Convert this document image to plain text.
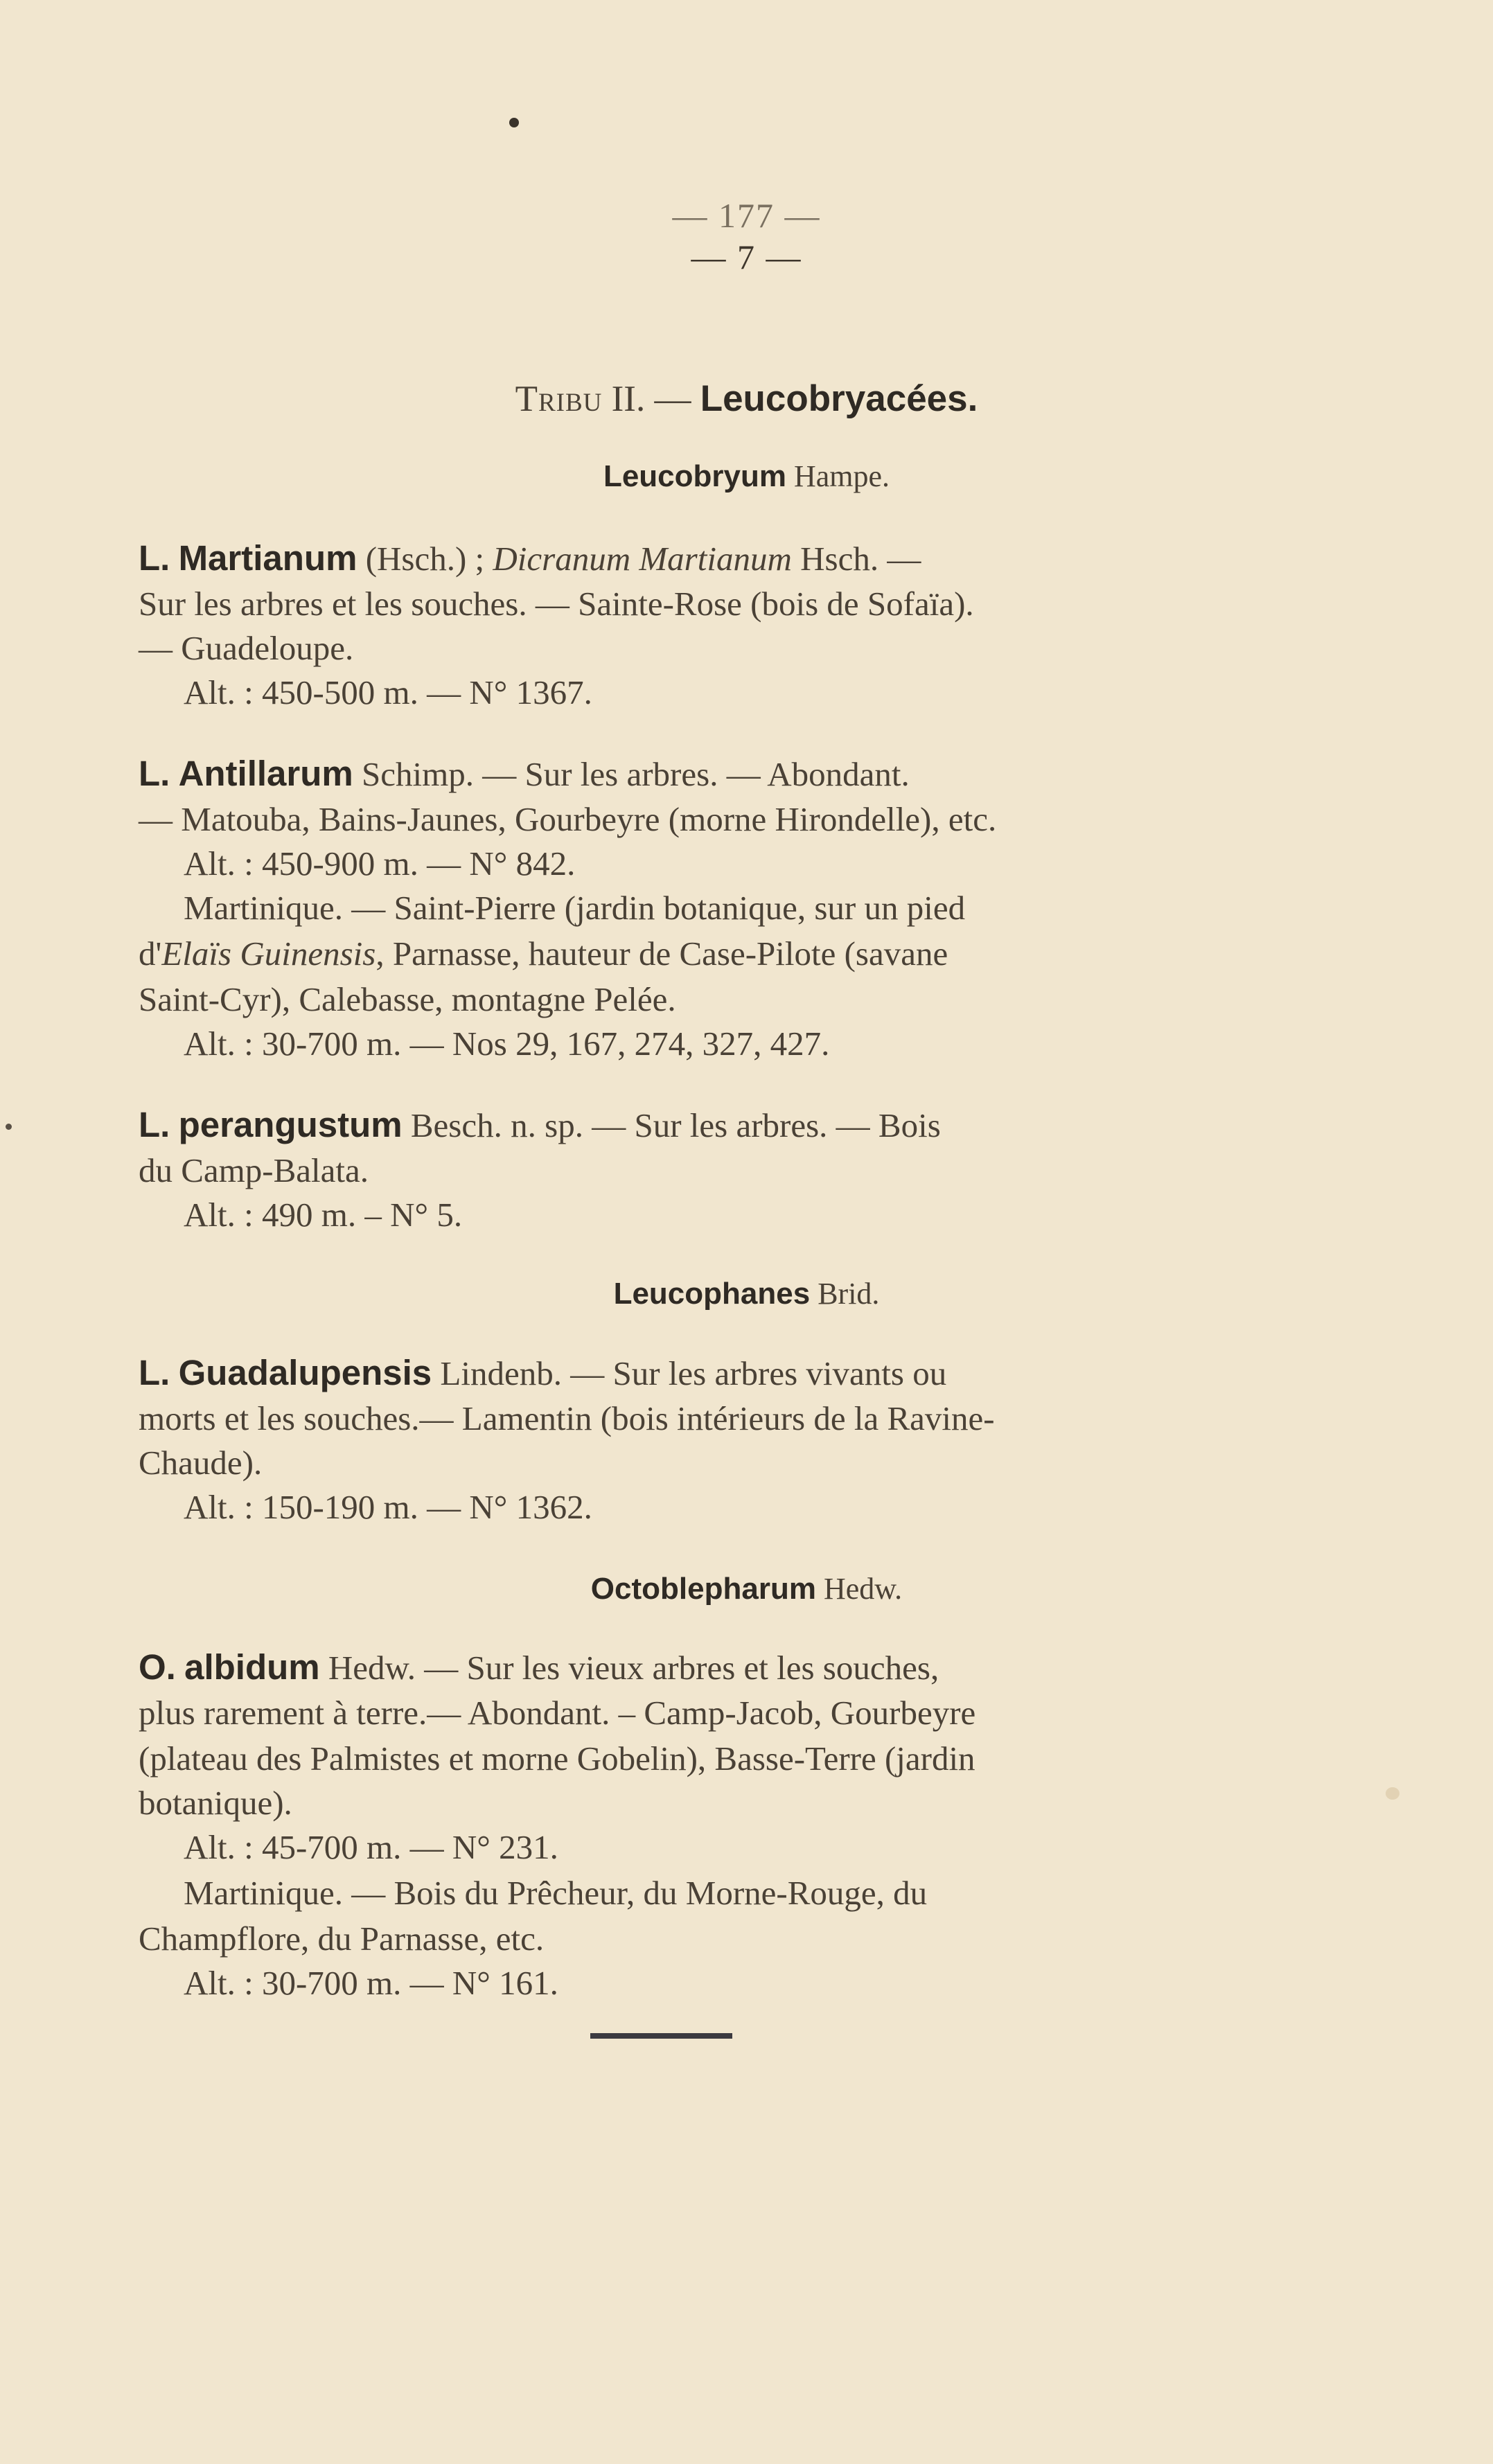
— 177 —
— 7 —
Tribu II. — Leucobryacées.
Leucobryum Hampe.
L. Martianum (Hsch.) ; Dicranum Martianum Hsch. —
Sur les arbres et les souches. — Sainte-Rose (bois de Sofaïa).
— Guadeloupe.
Alt. : 450-500 m. — N° 1367.
L. Antillarum Schimp. — Sur les arbres. — Abondant.
— Matouba, Bains-Jaunes, Gourbeyre (morne Hirondelle), etc.
Alt. : 450-900 m. — N° 842.
Martinique. — Saint-Pierre (jardin botanique, sur un pied
d'Elaïs Guinensis, Parnasse, hauteur de Case-Pilote (savane
Saint-Cyr), Calebasse, montagne Pelée.
Alt. : 30-700 m. — Nos 29, 167, 274, 327, 427.
L. perangustum Besch. n. sp. — Sur les arbres. — Bois
du Camp-Balata.
Alt. : 490 m. – N° 5.
Leucophanes Brid.
L. Guadalupensis Lindenb. — Sur les arbres vivants ou
morts et les souches.— Lamentin (bois intérieurs de la Ravine-
Chaude).
Alt. : 150-190 m. — N° 1362.
Octoblepharum Hedw.
O. albidum Hedw. — Sur les vieux arbres et les souches,
plus rarement à terre.— Abondant. – Camp-Jacob, Gourbeyre
(plateau des Palmistes et morne Gobelin), Basse-Terre (jardin
botanique).
Alt. : 45-700 m. — N° 231.
Martinique. — Bois du Prêcheur, du Morne-Rouge, du
Champflore, du Parnasse, etc.
Alt. : 30-700 m. — N° 161.
